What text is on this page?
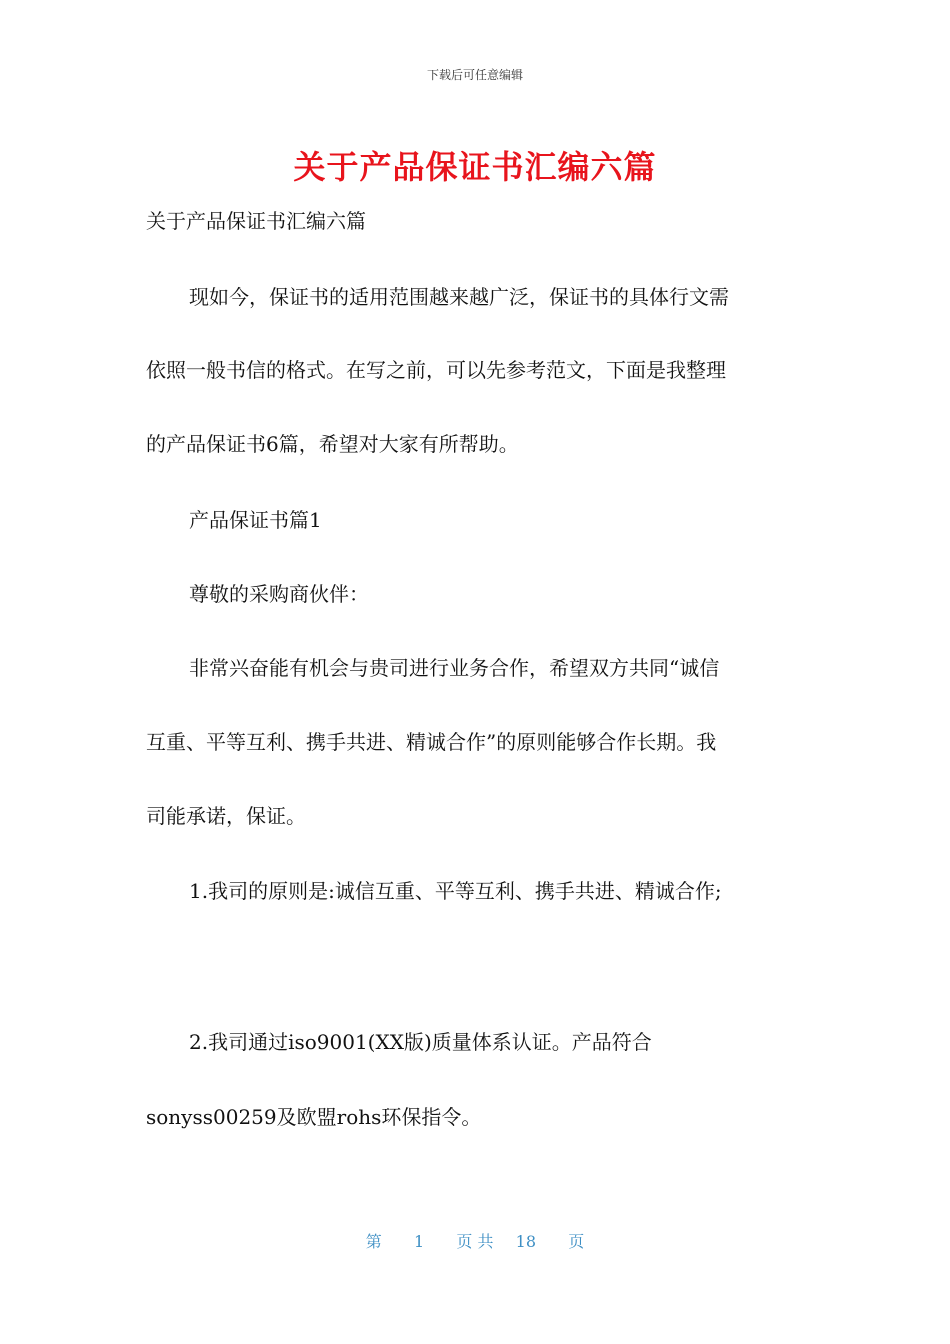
下载后可任意编辑
关于产品保证书汇编六篇

关于产品保证书汇编六篇

现如今，保证书的适用范围越来越广泛，保证书的具体行文需

依照一般书信的格式。在写之前，可以先参考范文，下面是我整理

的产品保证书6篇，希望对大家有所帮助。

产品保证书篇1

尊敬的采购商伙伴：

非常兴奋能有机会与贵司进行业务合作，希望双方共同“诚信

互重、平等互利、携手共进、精诚合作”的原则能够合作长期。我

司能承诺，保证。

1.我司的原则是:诚信互重、平等互利、携手共进、精诚合作;

2.我司通过iso9001(XX版)质量体系认证。产品符合

sonyss00259及欧盟rohs环保指令。

第 1 页 共 18 页
